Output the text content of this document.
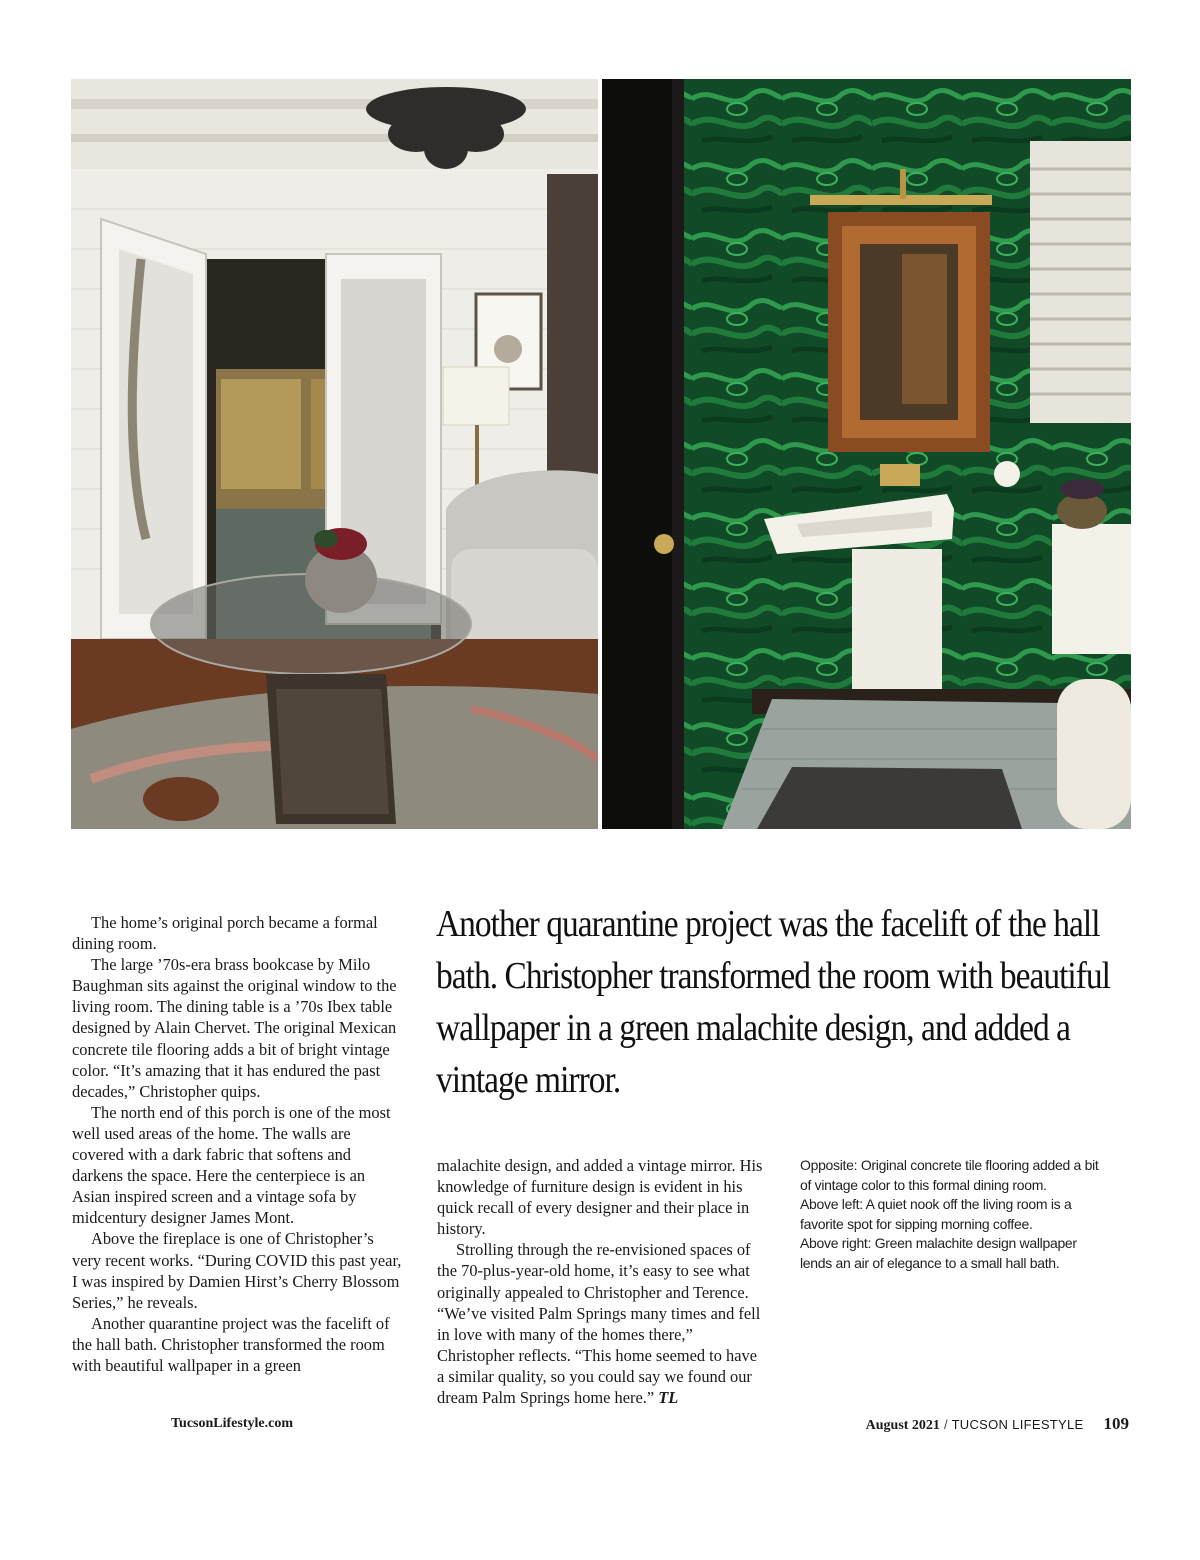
The home’s original porch became a formal dining room.

The large ’70s-era brass bookcase by Milo Baughman sits against the original window to the living room. The dining table is a ’70s Ibex table designed by Alain Chervet. The original Mexican concrete tile flooring adds a bit of bright vintage color. “It’s amazing that it has endured the past decades,” Christopher quips.

The north end of this porch is one of the most well used areas of the home. The walls are covered with a dark fabric that softens and darkens the space. Here the centerpiece is an Asian inspired screen and a vintage sofa by midcentury designer James Mont.

Above the fireplace is one of Christopher’s very recent works. “During COVID this past year, I was inspired by Damien Hirst’s Cherry Blossom Series,” he reveals.

Another quarantine project was the facelift of the hall bath. Christopher transformed the room with beautiful wallpaper in a green

Another quarantine project was the facelift of the hall bath. Christopher transformed the room with beautiful wallpaper in a green malachite design, and added a vintage mirror.

malachite design, and added a vintage mirror. His knowledge of furniture design is evident in his quick recall of every designer and their place in history.

Strolling through the re-envisioned spaces of the 70-plus-year-old home, it’s easy to see what originally appealed to Christopher and Terence. “We’ve visited Palm Springs many times and fell in love with many of the homes there,” Christopher reflects. “This home seemed to have a similar quality, so you could say we found our dream Palm Springs home here.” TL

Opposite: Original concrete tile flooring added a bit of vintage color to this formal dining room.
Above left: A quiet nook off the living room is a favorite spot for sipping morning coffee.
Above right: Green malachite design wallpaper lends an air of elegance to a small hall bath.
TucsonLifestyle.com	August 2021 / TUCSON LIFESTYLE 109
